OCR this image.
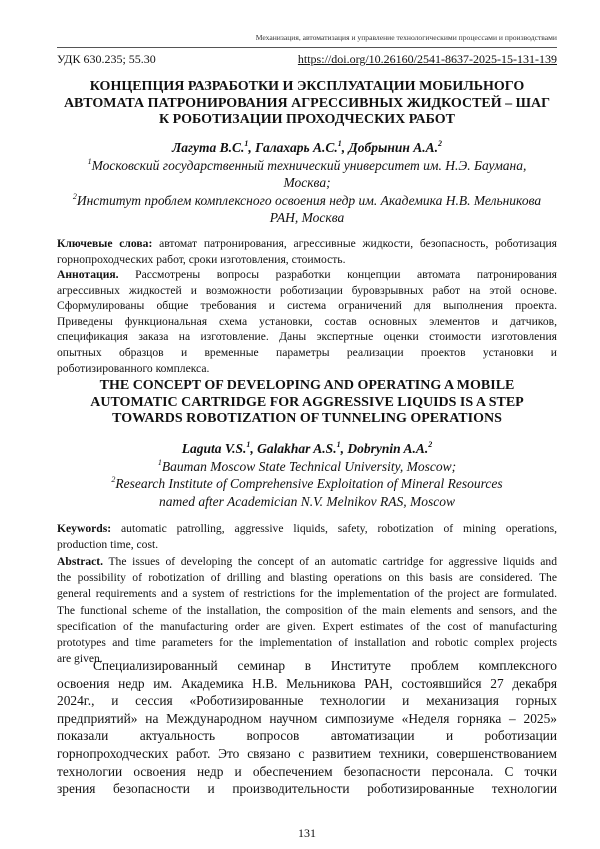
Механизация, автоматизация и управление технологическими процессами и производствами
УДК 630.235; 55.30	https://doi.org/10.26160/2541-8637-2025-15-131-139
КОНЦЕПЦИЯ РАЗРАБОТКИ И ЭКСПЛУАТАЦИИ МОБИЛЬНОГО
АВТОМАТА ПАТРОНИРОВАНИЯ АГРЕССИВНЫХ ЖИДКОСТЕЙ – ШАГ
К РОБОТИЗАЦИИ ПРОХОДЧЕСКИХ РАБОТ
Лагута В.С.1, Галахарь А.С.1, Добрынин А.А.2
1Московский государственный технический университет им. Н.Э. Баумана,
Москва;
2Институт проблем комплексного освоения недр им. Академика Н.В. Мельникова
РАН, Москва
Ключевые слова: автомат патронирования, агрессивные жидкости, безопасность, роботизация
горнопроходческих работ, сроки изготовления, стоимость.
Аннотация. Рассмотрены вопросы разработки концепции автомата патронирования
агрессивных жидкостей и возможности роботизации буровзрывных работ на этой основе.
Сформулированы общие требования и система ограничений для выполнения проекта.
Приведены функциональная схема установки, состав основных элементов и датчиков,
спецификация заказа на изготовление. Даны экспертные оценки стоимости изготовления
опытных образцов и временные параметры реализации проектов установки и
роботизированного комплекса.
THE CONCEPT OF DEVELOPING AND OPERATING A MOBILE
AUTOMATIC CARTRIDGE FOR AGGRESSIVE LIQUIDS IS A STEP
TOWARDS ROBOTIZATION OF TUNNELING OPERATIONS
Laguta V.S.1, Galakhar A.S.1, Dobrynin A.A.2
1Bauman Moscow State Technical University, Moscow;
2Research Institute of Comprehensive Exploitation of Mineral Resources
named after Academician N.V. Melnikov RAS, Moscow
Keywords: automatic patrolling, aggressive liquids, safety, robotization of mining operations,
production time, cost.
Abstract. The issues of developing the concept of an automatic cartridge for aggressive liquids and
the possibility of robotization of drilling and blasting operations on this basis are considered. The
general requirements and a system of restrictions for the implementation of the project are formulated.
The functional scheme of the installation, the composition of the main elements and sensors, and the
specification of the manufacturing order are given. Expert estimates of the cost of manufacturing
prototypes and time parameters for the implementation of installation and robotic complex projects
are given.
Специализированный семинар в Институте проблем комплексного
освоения недр им. Академика Н.В. Мельникова РАН, состоявшийся 27 декабря
2024г., и сессия «Роботизированные технологии и механизация горных
предприятий» на Международном научном симпозиуме «Неделя горняка – 2025»
показали актуальность вопросов автоматизации и роботизации
горнопроходческих работ. Это связано с развитием техники, совершенствованием
технологии освоения недр и обеспечением безопасности персонала. С точки
зрения безопасности и производительности роботизированные технологии
131
